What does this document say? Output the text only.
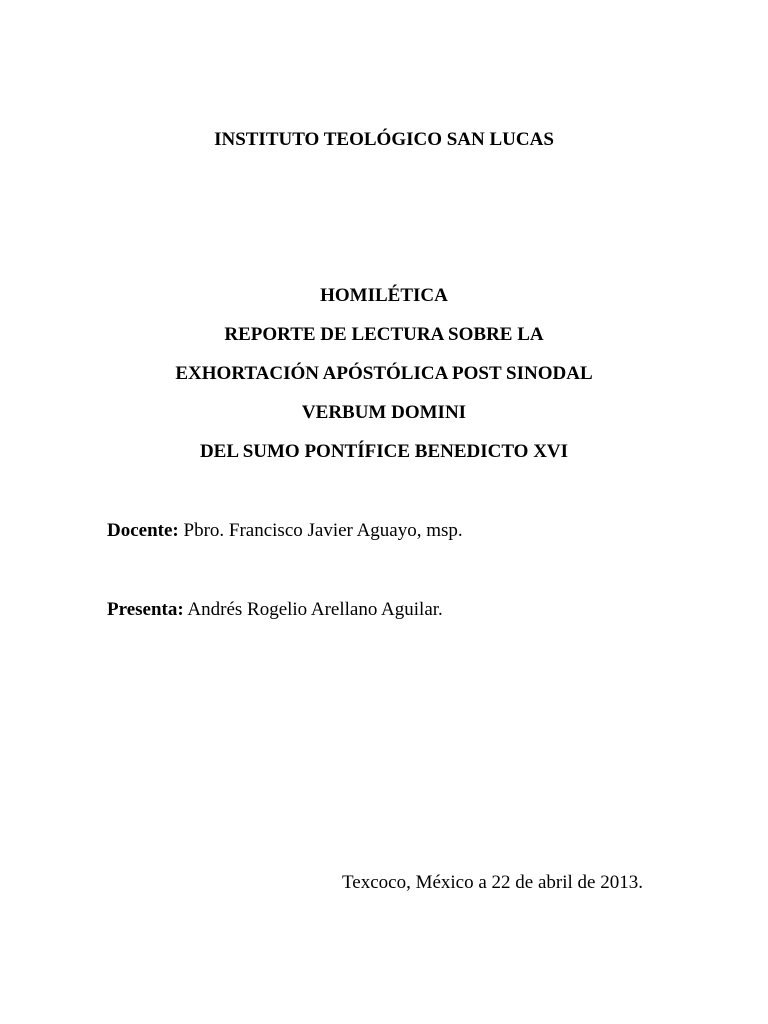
INSTITUTO TEOLÓGICO SAN LUCAS
HOMILÉTICA
REPORTE DE LECTURA SOBRE LA
EXHORTACIÓN APÓSTÓLICA POST SINODAL
VERBUM DOMINI
DEL SUMO PONTÍFICE BENEDICTO XVI
Docente: Pbro. Francisco Javier Aguayo, msp.
Presenta: Andrés Rogelio Arellano Aguilar.
Texcoco, México a 22 de abril de 2013.
